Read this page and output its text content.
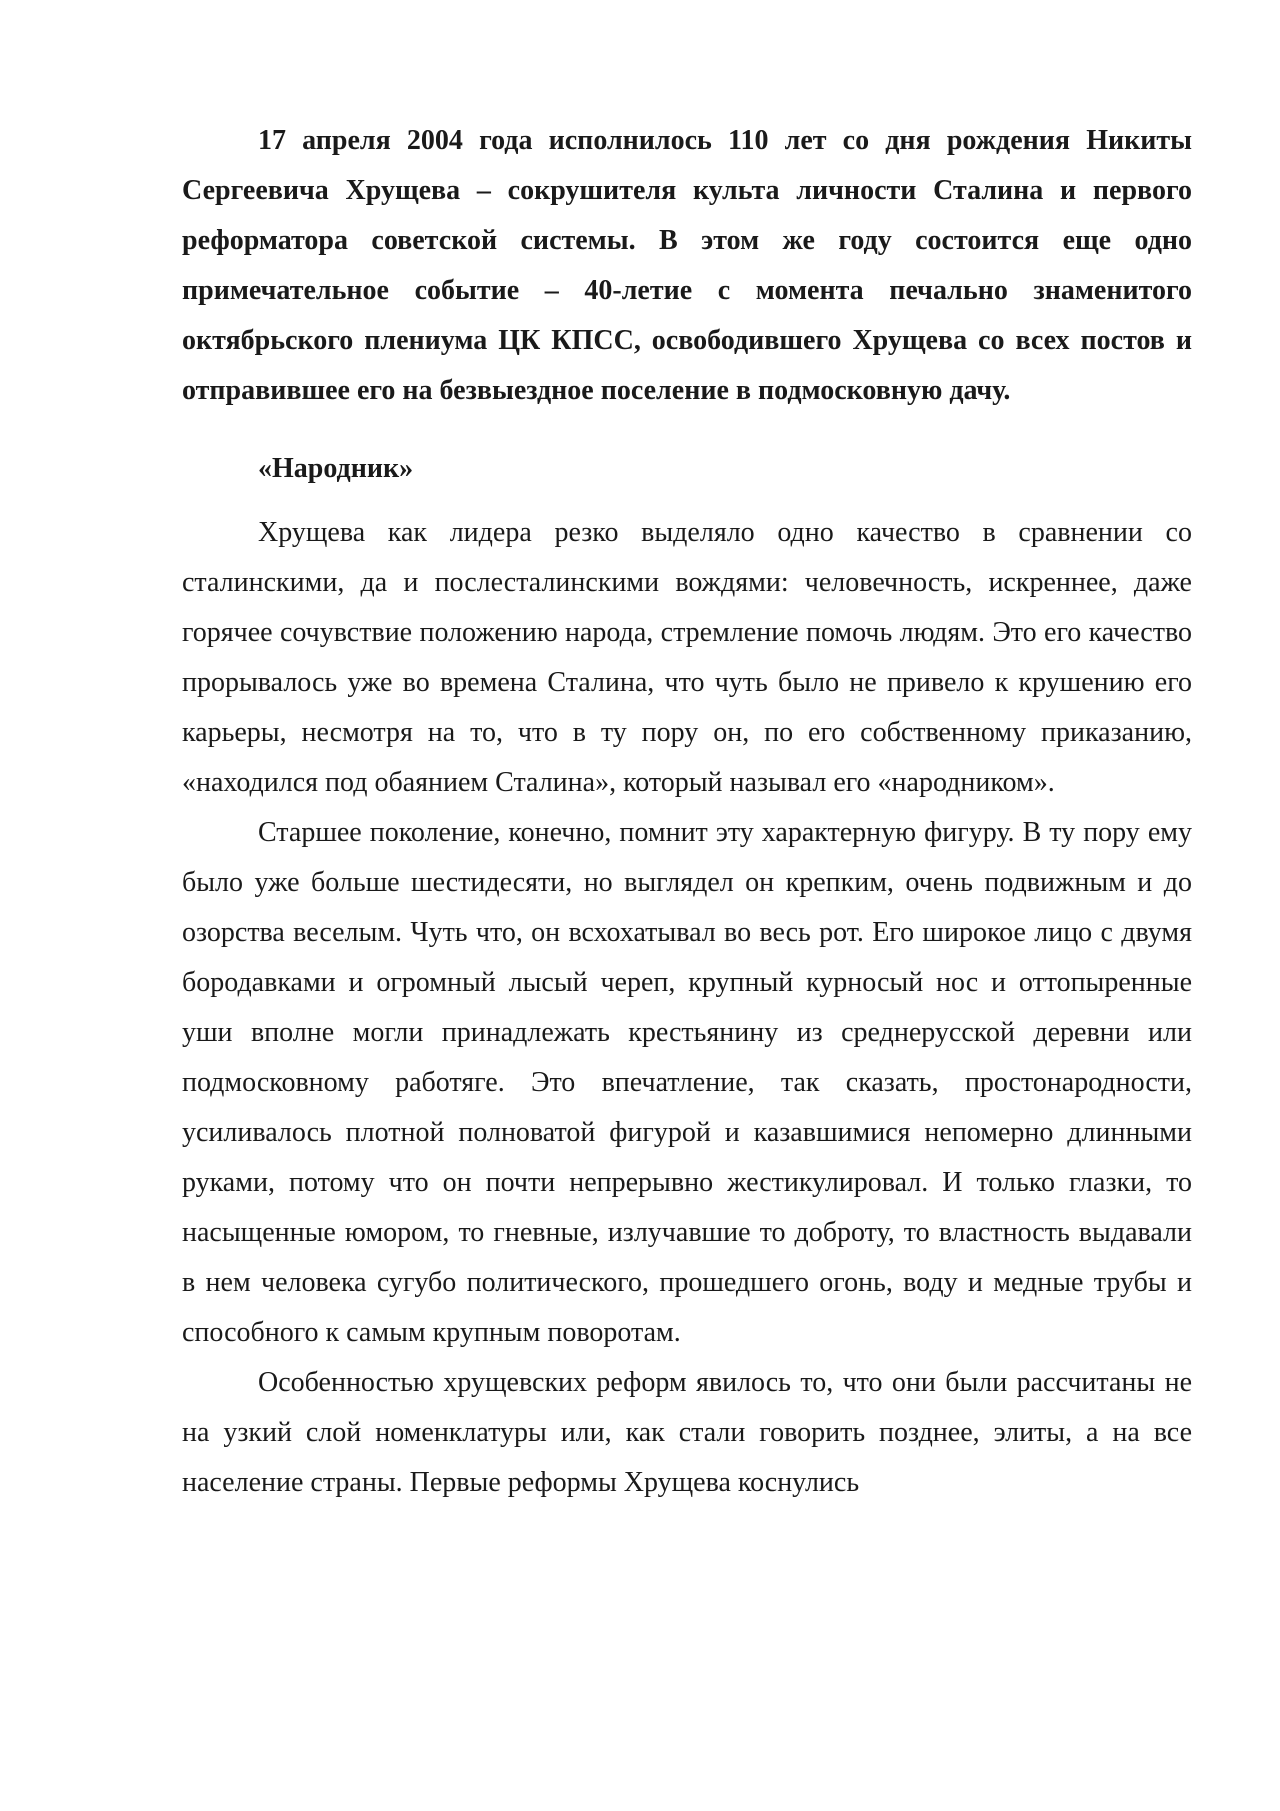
17 апреля 2004 года исполнилось 110 лет со дня рождения Никиты Сергеевича Хрущева – сокрушителя культа личности Сталина и первого реформатора советской системы. В этом же году состоится еще одно примечательное событие – 40-летие с момента печально знаменитого октябрьского плениума ЦК КПСС, освободившего Хрущева со всех постов и отправившее его на безвыездное поселение в подмосковную дачу.

«Народник»

Хрущева как лидера резко выделяло одно качество в сравнении со сталинскими, да и послесталинскими вождями: человечность, искреннее, даже горячее сочувствие положению народа, стремление помочь людям. Это его качество прорывалось уже во времена Сталина, что чуть было не привело к крушению его карьеры, несмотря на то, что в ту пору он, по его собственному приказанию, «находился под обаянием Сталина», который называл его «народником».

Старшее поколение, конечно, помнит эту характерную фигуру. В ту пору ему было уже больше шестидесяти, но выглядел он крепким, очень подвижным и до озорства веселым. Чуть что, он всхохатывал во весь рот. Его широкое лицо с двумя бородавками и огромный лысый череп, крупный курносый нос и оттопыренные уши вполне могли принадлежать крестьянину из среднерусской деревни или подмосковному работяге. Это впечатление, так сказать, простонародности, усиливалось плотной полноватой фигурой и казавшимися непомерно длинными руками, потому что он почти непрерывно жестикулировал. И только глазки, то насыщенные юмором, то гневные, излучавшие то доброту, то властность выдавали в нем человека сугубо политического, прошедшего огонь, воду и медные трубы и способного к самым крупным поворотам.

Особенностью хрущевских реформ явилось то, что они были рассчитаны не на узкий слой номенклатуры или, как стали говорить позднее, элиты, а на все население страны. Первые реформы Хрущева коснулись
